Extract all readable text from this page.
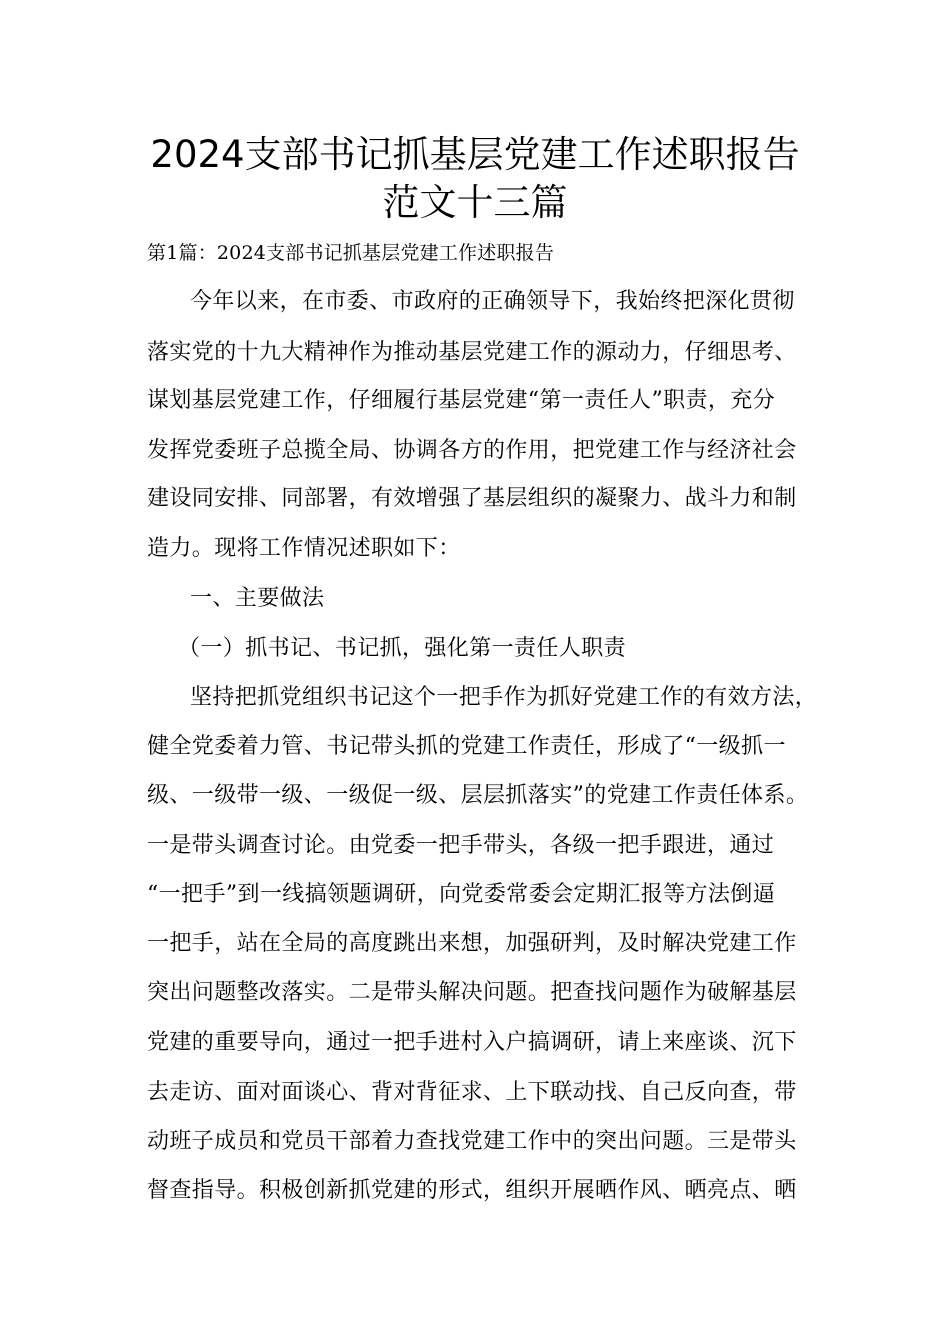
2024支部书记抓基层党建工作述职报告
范文十三篇
第1篇：2024支部书记抓基层党建工作述职报告
今年以来，在市委、市政府的正确领导下，我始终把深化贯彻
落实党的十九大精神作为推动基层党建工作的源动力，仔细思考、
谋划基层党建工作，仔细履行基层党建“第一责任人”职责，充分
发挥党委班子总揽全局、协调各方的作用，把党建工作与经济社会
建设同安排、同部署，有效增强了基层组织的凝聚力、战斗力和制
造力。现将工作情况述职如下：
一、主要做法
（一）抓书记、书记抓，强化第一责任人职责
坚持把抓党组织书记这个一把手作为抓好党建工作的有效方法，
健全党委着力管、书记带头抓的党建工作责任，形成了“一级抓一
级、一级带一级、一级促一级、层层抓落实”的党建工作责任体系。
一是带头调查讨论。由党委一把手带头，各级一把手跟进，通过
“一把手”到一线搞领题调研，向党委常委会定期汇报等方法倒逼
一把手，站在全局的高度跳出来想，加强研判，及时解决党建工作
突出问题整改落实。二是带头解决问题。把查找问题作为破解基层
党建的重要导向，通过一把手进村入户搞调研，请上来座谈、沉下
去走访、面对面谈心、背对背征求、上下联动找、自己反向查，带
动班子成员和党员干部着力查找党建工作中的突出问题。三是带头
督查指导。积极创新抓党建的形式，组织开展晒作风、晒亮点、晒
